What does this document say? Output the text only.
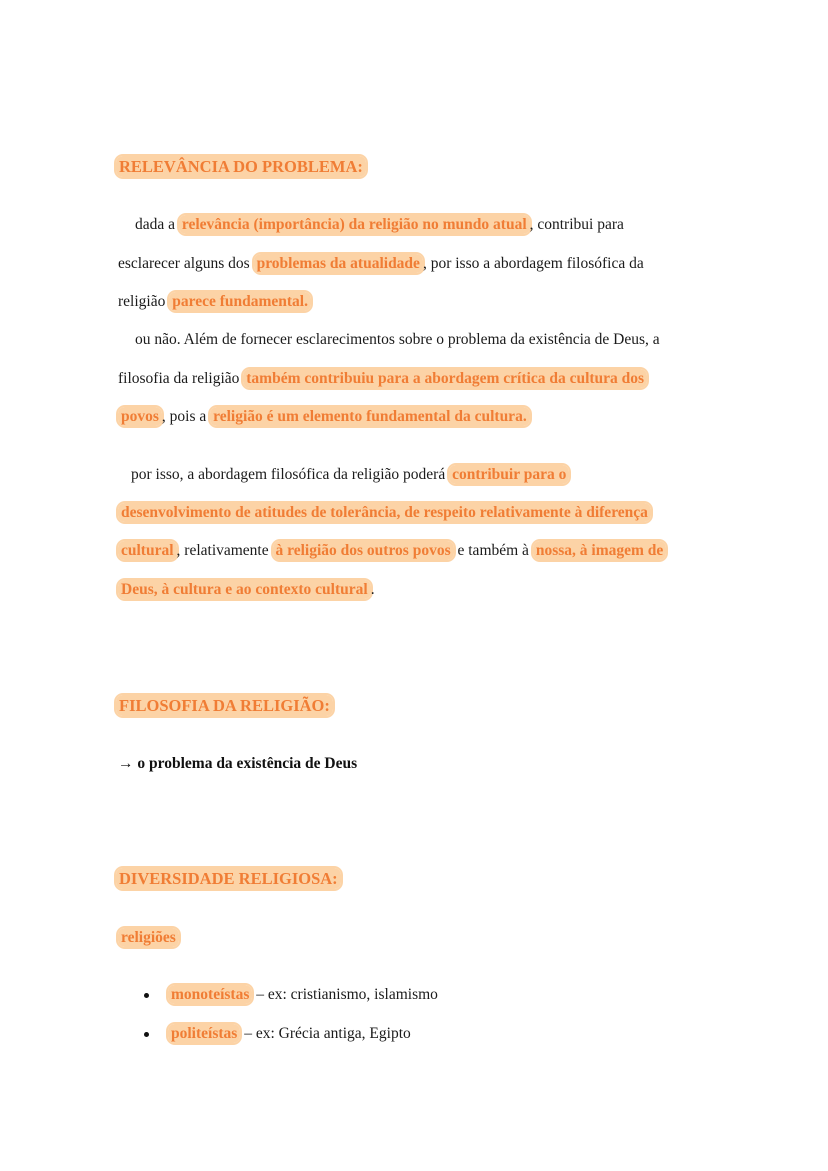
RELEVÂNCIA DO PROBLEMA:
dada a relevância (importância) da religião no mundo atual , contribui para
esclarecer alguns dos problemas da atualidade , por isso a abordagem filosófica da
religião parece fundamental.
ou não. Além de fornecer esclarecimentos sobre o problema da existência de Deus, a
filosofia da religião também contribuiu para a abordagem crítica da cultura dos
povos , pois a religião é um elemento fundamental da cultura.
por isso, a abordagem filosófica da religião poderá contribuir para o
desenvolvimento de atitudes de tolerância, de respeito relativamente à diferença
cultural , relativamente à religião dos outros povos e também à nossa, à imagem de
Deus, à cultura e ao contexto cultural .
FILOSOFIA DA RELIGIÃO:
→ o problema da existência de Deus
DIVERSIDADE RELIGIOSA:
religiões
monoteístas – ex: cristianismo, islamismo
politeístas – ex: Grécia antiga, Egipto
